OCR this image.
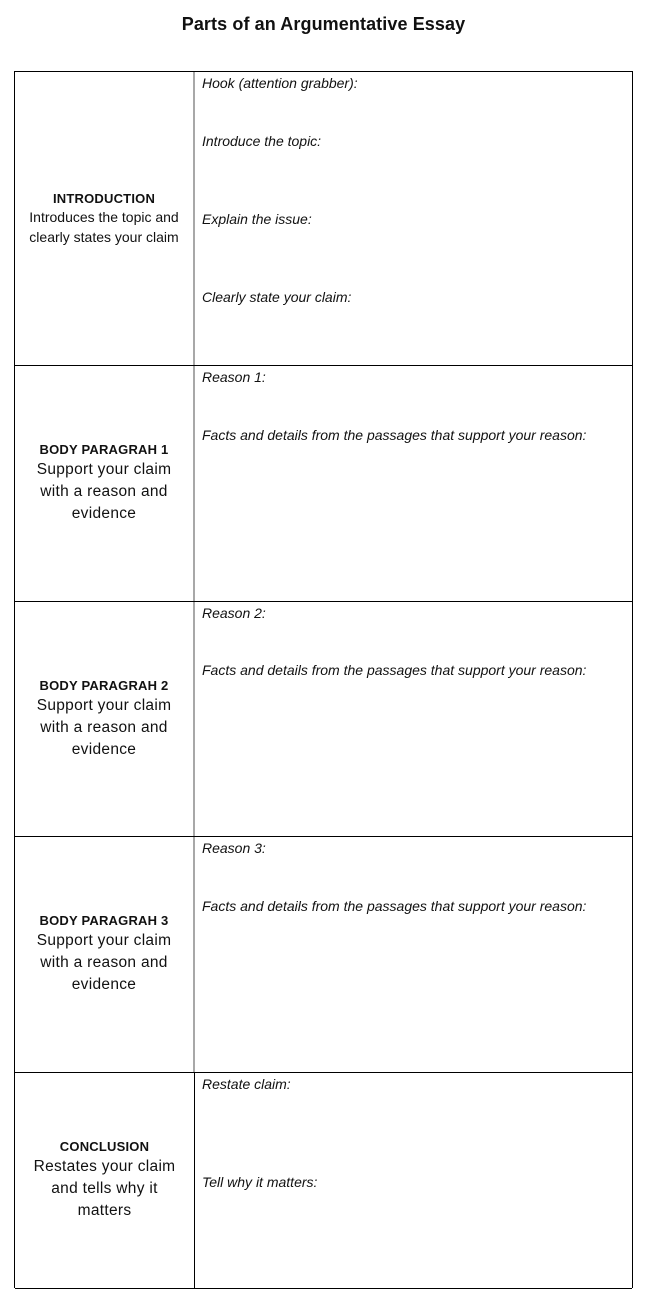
Parts of an Argumentative Essay
INTRODUCTION
Introduces the topic and
clearly states your claim
Hook (attention grabber):
Introduce the topic:
Explain the issue:
Clearly state your claim:
BODY PARAGRAH 1
Support your claim
with a reason and
evidence
Reason 1:
Facts and details from the passages that support your reason:
BODY PARAGRAH 2
Support your claim
with a reason and
evidence
Reason 2:
Facts and details from the passages that support your reason:
BODY PARAGRAH 3
Support your claim
with a reason and
evidence
Reason 3:
Facts and details from the passages that support your reason:
CONCLUSION
Restates your claim
and tells why it
matters
Restate claim:
Tell why it matters:
